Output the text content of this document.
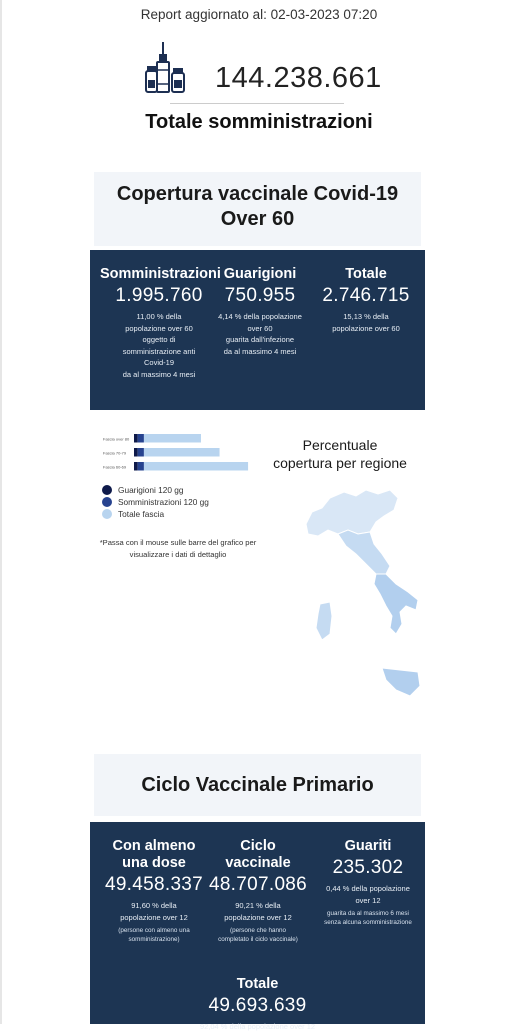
Report aggiornato al: 02-03-2023 07:20
144.238.661
Totale somministrazioni
Copertura vaccinale Covid-19
Over 60
Somministrazioni
1.995.760
11,00 % della
popolazione over 60
oggetto di
somministrazione anti
Covid-19
da al massimo 4 mesi
Guarigioni
750.955
4,14 % della popolazione
over 60
guarita dall'infezione
da al massimo 4 mesi
Totale
2.746.715
15,13 % della
popolazione over 60
Fascia over 80
Fascia 70-79
Fascia 60-69
Guarigioni 120 gg
Somministrazioni 120 gg
Totale fascia
*Passa con il mouse sulle barre del grafico per
visualizzare i dati di dettaglio
Percentuale
copertura per regione
Ciclo Vaccinale Primario
Con almeno
una dose
49.458.337
91,60 % della
popolazione over 12
(persone con almeno una
somministrazione)
Ciclo
vaccinale
48.707.086
90,21 % della
popolazione over 12
(persone che hanno
completato il ciclo vaccinale)
Guariti
235.302
0,44 % della popolazione
over 12
guarita da al massimo 6 mesi
senza alcuna somministrazione
Totale
49.693.639
92,04 % della popolazione over 12
